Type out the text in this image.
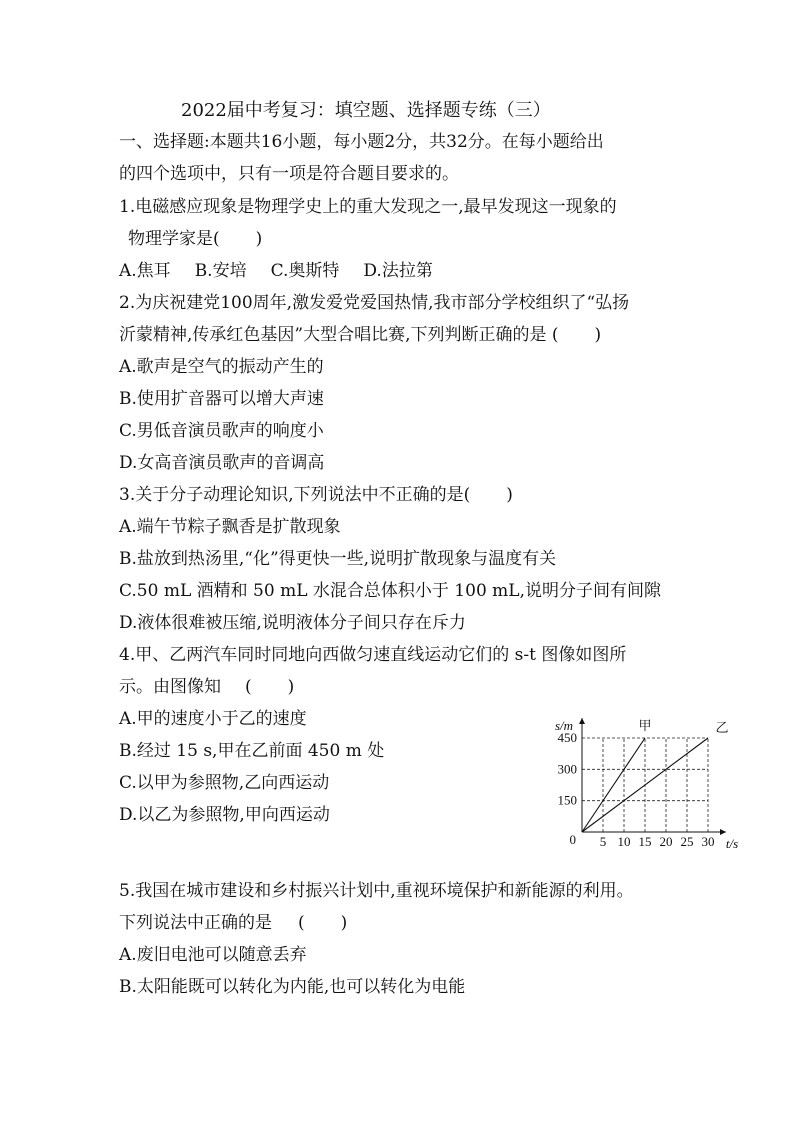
2022届中考复习：填空题、选择题专练（三）
一、选择题:本题共16小题，每小题2分，共32分。在每小题给出
的四个选项中，只有一项是符合题目要求的。
1.电磁感应现象是物理学史上的重大发现之一,最早发现这一现象的
物理学家是( )
A.焦耳 B.安培 C.奥斯特 D.法拉第
2.为庆祝建党100周年,激发爱党爱国热情,我市部分学校组织了“弘扬
沂蒙精神,传承红色基因”大型合唱比赛,下列判断正确的是 ( )
A.歌声是空气的振动产生的
B.使用扩音器可以增大声速
C.男低音演员歌声的响度小
D.女高音演员歌声的音调高
3.关于分子动理论知识,下列说法中不正确的是( )
A.端午节粽子飘香是扩散现象
B.盐放到热汤里,“化”得更快一些,说明扩散现象与温度有关
C.50 mL 酒精和 50 mL 水混合总体积小于 100 mL,说明分子间有间隙
D.液体很难被压缩,说明液体分子间只存在斥力
4.甲、乙两汽车同时同地向西做匀速直线运动它们的 s-t 图像如图所
示。由图像知 ( )
A.甲的速度小于乙的速度
B.经过 15 s,甲在乙前面 450 m 处
C.以甲为参照物,乙向西运动
D.以乙为参照物,甲向西运动
5 10 15 20 25 30
150
300
450
0
s/m
t/s
甲	乙
5.我国在城市建设和乡村振兴计划中,重视环境保护和新能源的利用。
下列说法中正确的是 ( )
A.废旧电池可以随意丢弃
B.太阳能既可以转化为内能,也可以转化为电能
